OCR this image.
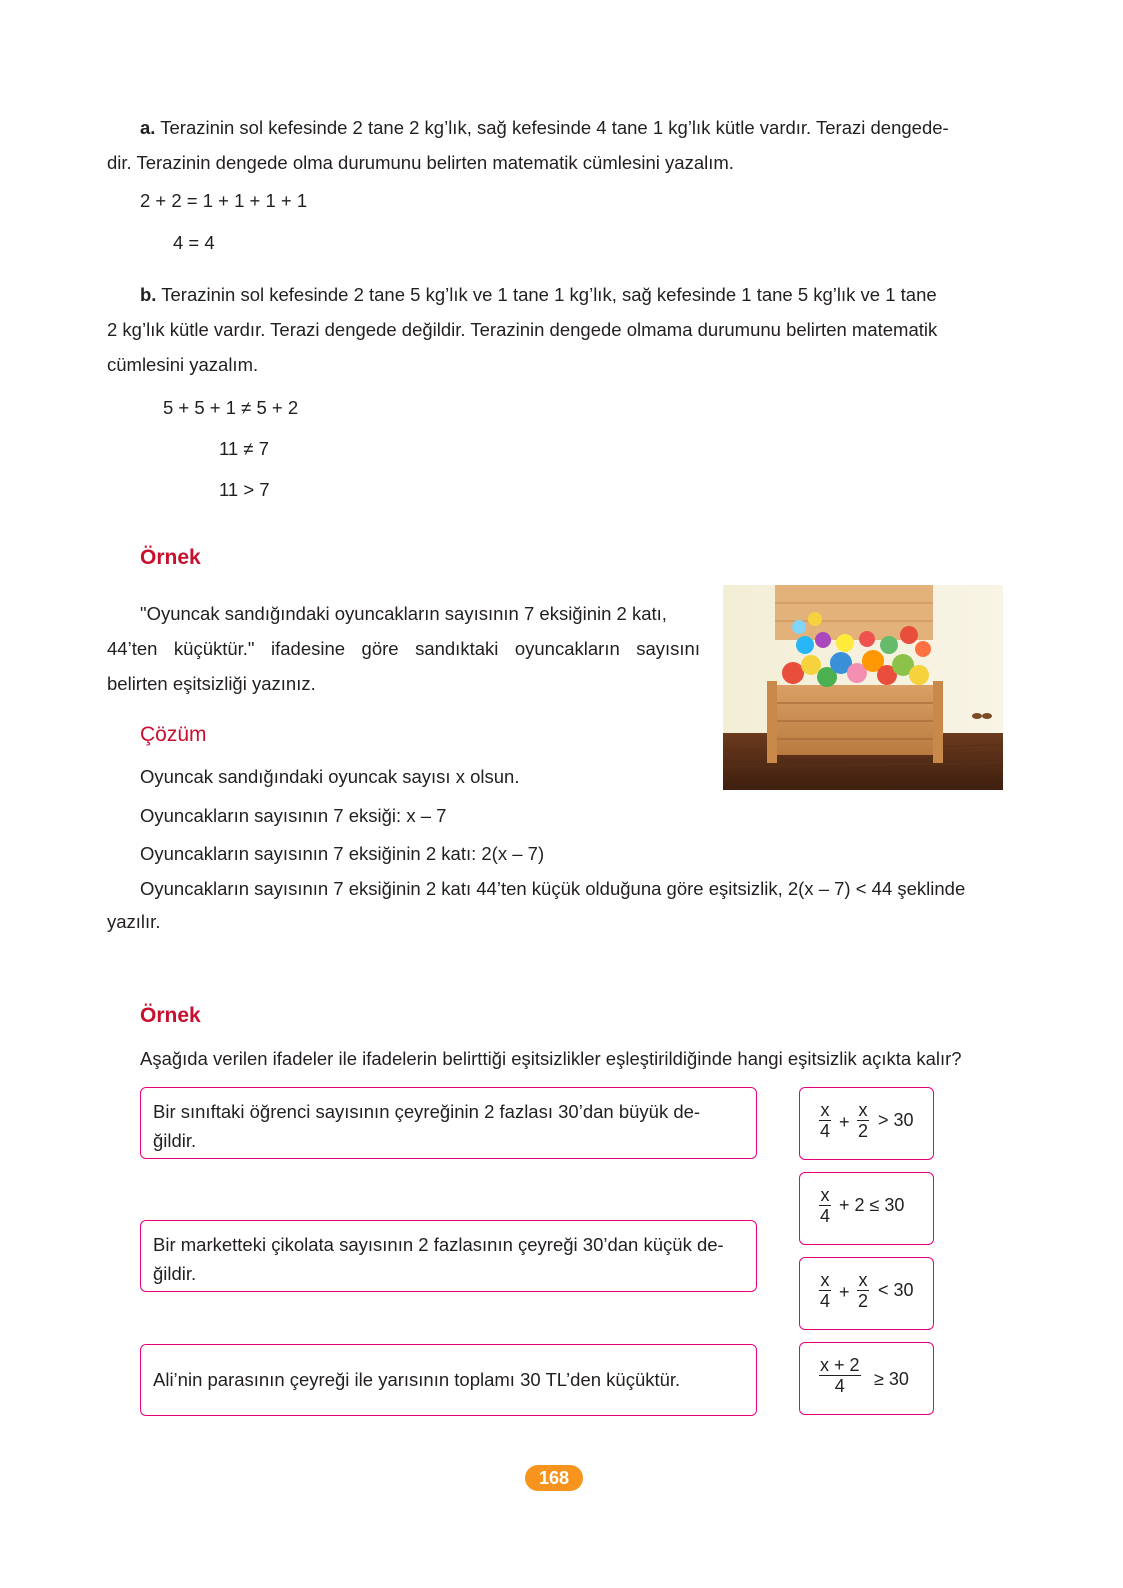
a. Terazinin sol kefesinde 2 tane 2 kg’lık, sağ kefesinde 4 tane 1 kg’lık kütle vardır. Terazi dengede-
dir. Terazinin dengede olma durumunu belirten matematik cümlesini yazalım.
2 + 2 = 1 + 1 + 1 + 1
4 = 4
b. Terazinin sol kefesinde 2 tane 5 kg’lık ve 1 tane 1 kg’lık, sağ kefesinde 1 tane 5 kg’lık ve 1 tane
2 kg’lık kütle vardır. Terazi dengede değildir. Terazinin dengede olmama durumunu belirten matematik
cümlesini yazalım.
5 + 5 + 1 ≠ 5 + 2
11 ≠ 7
11 > 7
Örnek
"Oyuncak sandığındaki oyuncakların sayısının 7 eksiğinin 2 katı,
44’ten küçüktür." ifadesine göre sandıktaki oyuncakların sayısını
belirten eşitsizliği yazınız.
Çözüm
Oyuncak sandığındaki oyuncak sayısı x olsun.
Oyuncakların sayısının 7 eksiği: x – 7
Oyuncakların sayısının 7 eksiğinin 2 katı: 2(x – 7)
Oyuncakların sayısının 7 eksiğinin 2 katı 44’ten küçük olduğuna göre eşitsizlik, 2(x – 7) < 44 şeklinde
yazılır.
Örnek
Aşağıda verilen ifadeler ile ifadelerin belirttiği eşitsizlikler eşleştirildiğinde hangi eşitsizlik açıkta kalır?
Bir sınıftaki öğrenci sayısının çeyreğinin 2 fazlası 30’dan büyük de-
ğildir.
Bir marketteki çikolata sayısının 2 fazlasının çeyreği 30’dan küçük de-
ğildir.
Ali’nin parasının çeyreği ile yarısının toplamı 30 TL’den küçüktür.
x
4 +
x
2
> 30
x
4
+ 2 ≤ 30
x
4 +
x
2
< 30
x + 2
4 ≥ 30
168
